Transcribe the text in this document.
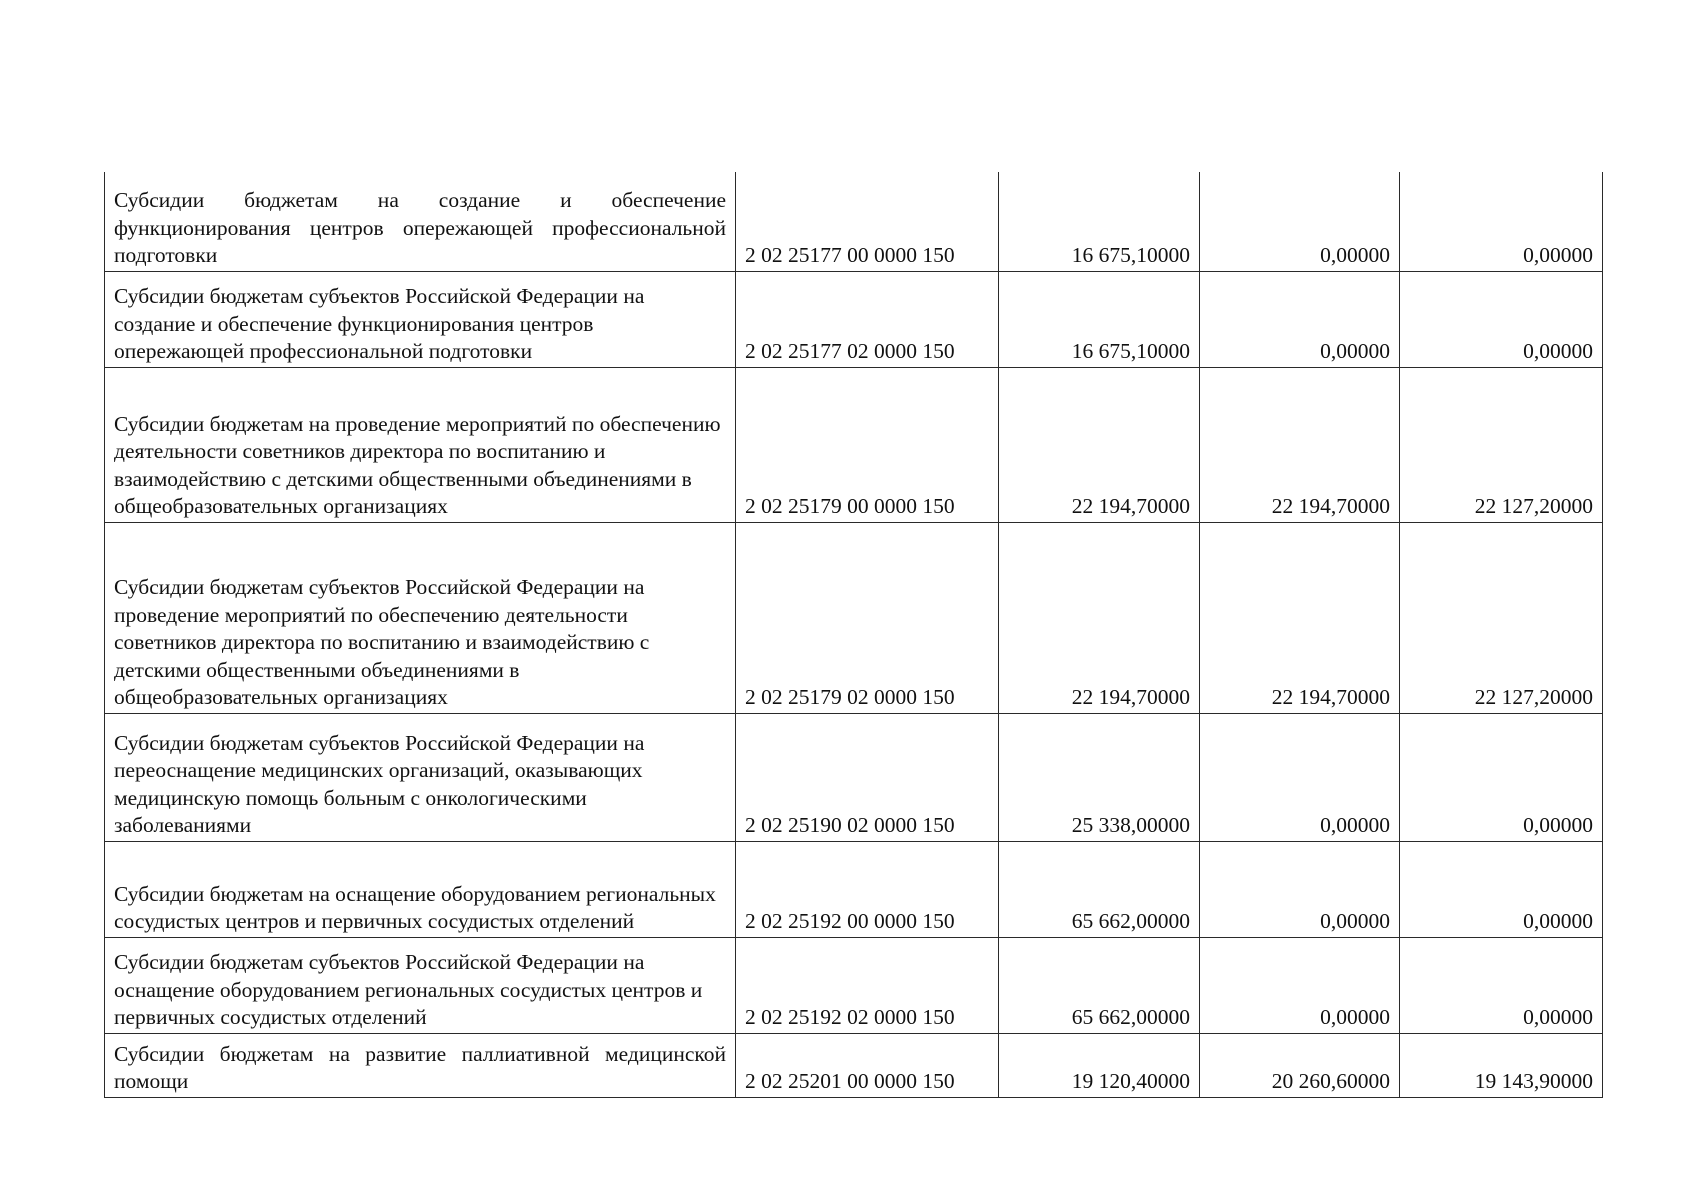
Субсидии бюджетам на создание и обеспечение функционирования центров опережающей профессиональной подготовки	2 02 25177 00 0000 150	16 675,10000	0,00000	0,00000
Субсидии бюджетам субъектов Российской Федерации на создание и обеспечение функционирования центров опережающей профессиональной подготовки	2 02 25177 02 0000 150	16 675,10000	0,00000	0,00000
Субсидии бюджетам на проведение мероприятий по обеспечению деятельности советников директора по воспитанию и взаимодействию с детскими общественными объединениями в общеобразовательных организациях	2 02 25179 00 0000 150	22 194,70000	22 194,70000	22 127,20000
Субсидии бюджетам субъектов Российской Федерации на проведение мероприятий по обеспечению деятельности советников директора по воспитанию и взаимодействию с детскими общественными объединениями в общеобразовательных организациях	2 02 25179 02 0000 150	22 194,70000	22 194,70000	22 127,20000
Субсидии бюджетам субъектов Российской Федерации на переоснащение медицинских организаций, оказывающих медицинскую помощь больным с онкологическими заболеваниями	2 02 25190 02 0000 150	25 338,00000	0,00000	0,00000
Субсидии бюджетам на оснащение оборудованием региональных сосудистых центров и первичных сосудистых отделений	2 02 25192 00 0000 150	65 662,00000	0,00000	0,00000
Субсидии бюджетам субъектов Российской Федерации на оснащение оборудованием региональных сосудистых центров и первичных сосудистых отделений	2 02 25192 02 0000 150	65 662,00000	0,00000	0,00000
Субсидии бюджетам на развитие паллиативной медицинской помощи	2 02 25201 00 0000 150	19 120,40000	20 260,60000	19 143,90000
